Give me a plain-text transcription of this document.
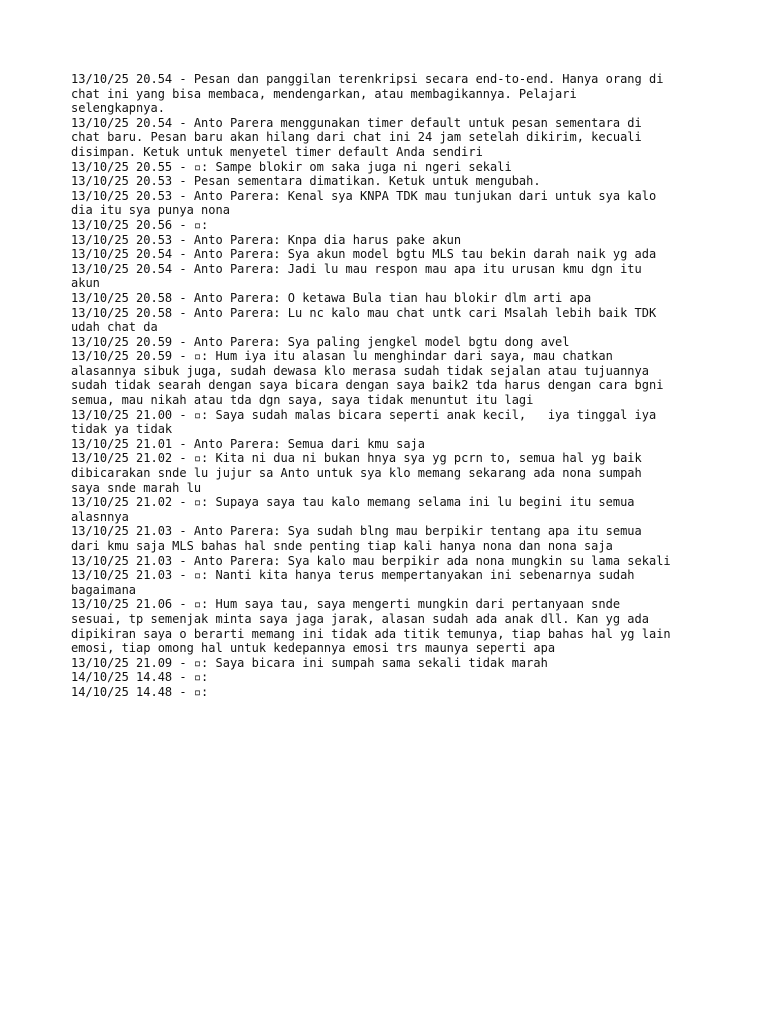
13/10/25 20.54 - Pesan dan panggilan terenkripsi secara end-to-end. Hanya orang di
chat ini yang bisa membaca, mendengarkan, atau membagikannya. Pelajari
selengkapnya.
13/10/25 20.54 - Anto Parera menggunakan timer default untuk pesan sementara di
chat baru. Pesan baru akan hilang dari chat ini 24 jam setelah dikirim, kecuali
disimpan. Ketuk untuk menyetel timer default Anda sendiri
13/10/25 20.55 - ▫: Sampe blokir om saka juga ni ngeri sekali
13/10/25 20.53 - Pesan sementara dimatikan. Ketuk untuk mengubah.
13/10/25 20.53 - Anto Parera: Kenal sya KNPA TDK mau tunjukan dari untuk sya kalo
dia itu sya punya nona
13/10/25 20.56 - ▫:
13/10/25 20.53 - Anto Parera: Knpa dia harus pake akun
13/10/25 20.54 - Anto Parera: Sya akun model bgtu MLS tau bekin darah naik yg ada
13/10/25 20.54 - Anto Parera: Jadi lu mau respon mau apa itu urusan kmu dgn itu
akun
13/10/25 20.58 - Anto Parera: O ketawa Bula tian hau blokir dlm arti apa
13/10/25 20.58 - Anto Parera: Lu nc kalo mau chat untk cari Msalah lebih baik TDK
udah chat da
13/10/25 20.59 - Anto Parera: Sya paling jengkel model bgtu dong avel
13/10/25 20.59 - ▫: Hum iya itu alasan lu menghindar dari saya, mau chatkan
alasannya sibuk juga, sudah dewasa klo merasa sudah tidak sejalan atau tujuannya
sudah tidak searah dengan saya bicara dengan saya baik2 tda harus dengan cara bgni
semua, mau nikah atau tda dgn saya, saya tidak menuntut itu lagi
13/10/25 21.00 - ▫: Saya sudah malas bicara seperti anak kecil,   iya tinggal iya
tidak ya tidak
13/10/25 21.01 - Anto Parera: Semua dari kmu saja
13/10/25 21.02 - ▫: Kita ni dua ni bukan hnya sya yg pcrn to, semua hal yg baik
dibicarakan snde lu jujur sa Anto untuk sya klo memang sekarang ada nona sumpah
saya snde marah lu
13/10/25 21.02 - ▫: Supaya saya tau kalo memang selama ini lu begini itu semua
alasnnya
13/10/25 21.03 - Anto Parera: Sya sudah blng mau berpikir tentang apa itu semua
dari kmu saja MLS bahas hal snde penting tiap kali hanya nona dan nona saja
13/10/25 21.03 - Anto Parera: Sya kalo mau berpikir ada nona mungkin su lama sekali
13/10/25 21.03 - ▫: Nanti kita hanya terus mempertanyakan ini sebenarnya sudah
bagaimana
13/10/25 21.06 - ▫: Hum saya tau, saya mengerti mungkin dari pertanyaan snde
sesuai, tp semenjak minta saya jaga jarak, alasan sudah ada anak dll. Kan yg ada
dipikiran saya o berarti memang ini tidak ada titik temunya, tiap bahas hal yg lain
emosi, tiap omong hal untuk kedepannya emosi trs maunya seperti apa
13/10/25 21.09 - ▫: Saya bicara ini sumpah sama sekali tidak marah
14/10/25 14.48 - ▫:
14/10/25 14.48 - ▫:
